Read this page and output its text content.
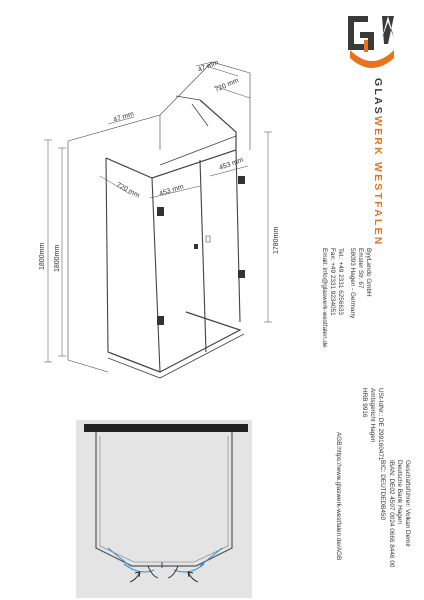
47 mm
720 mm
47 mm
720 mm	453 mm
453 mm
1800mm 1800mm
1780mm
GLASWERK WESTFALEN
ByyLando GmbH
Emster Str. 67
58093 Hagen - Germany
Tel.: +49 2331 6256633
Fax: +49 2331 9234051
Email: info@glaswerk-westfalen.de
USt-IdNr.: DE 299160471
Amtsgericht Hagen
HRB 9916
Geschäftsführer: Volkan Demir
Deutsche Bank Hagen
IBAN: DE02 4507 0024 0666 8446 00
BIC: DEUTDEDB450
AGB:https://www.glaswerk-westfalen.de/AGB
